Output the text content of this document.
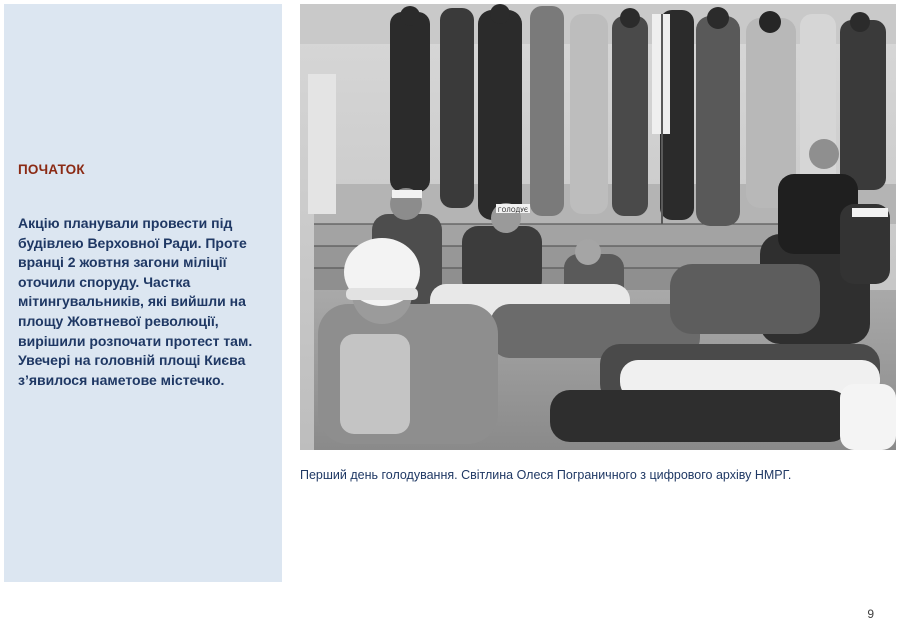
ПОЧАТОК
Акцію планували провести під
будівлею Верховної Ради. Проте
вранці 2 жовтня загони міліції
оточили споруду. Частка
мітингувальників, які вийшли на
площу Жовтневої революції,
вирішили розпочати протест там.
Увечері на головній площі Києва
з’явилося наметове містечко.
ГОЛОДУЄ
Перший день голодування. Світлина Олеся Пограничного з цифрового архіву НМРГ.
9
